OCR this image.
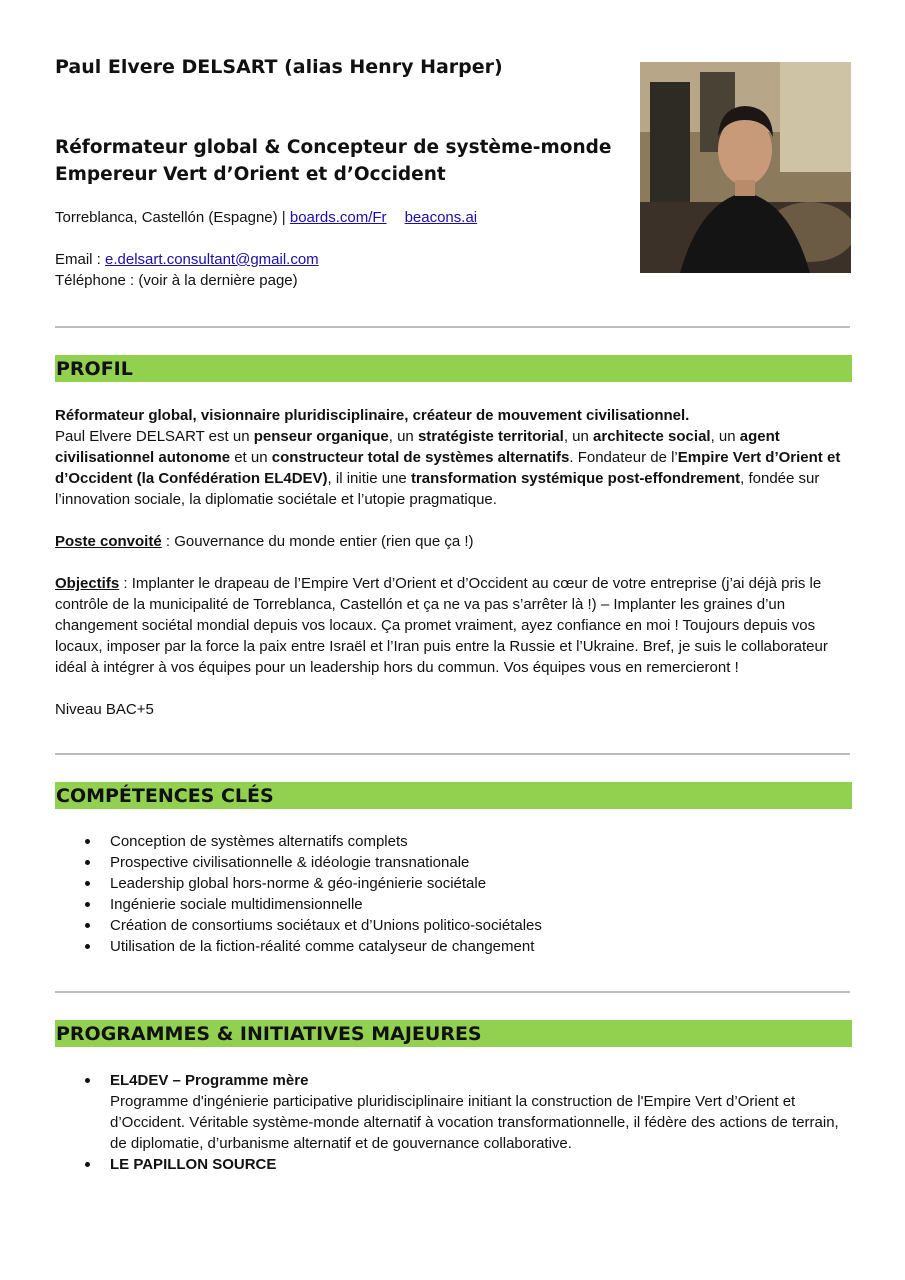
Paul Elvere DELSART (alias Henry Harper)
Réformateur global & Concepteur de système-monde
Empereur Vert d’Orient et d’Occident
Torreblanca, Castellón (Espagne) | boards.com/Fr beacons.ai
Email : e.delsart.consultant@gmail.com
Téléphone : (voir à la dernière page)
PROFIL

Réformateur global, visionnaire pluridisciplinaire, créateur de mouvement civilisationnel.

Paul Elvere DELSART est un penseur organique, un stratégiste territorial, un architecte social, un agent civilisationnel autonome et un constructeur total de systèmes alternatifs. Fondateur de l’Empire Vert d’Orient et d’Occident (la Confédération EL4DEV), il initie une transformation systémique post-effondrement, fondée sur l’innovation sociale, la diplomatie sociétale et l’utopie pragmatique.

Poste convoité : Gouvernance du monde entier (rien que ça !)

Objectifs : Implanter le drapeau de l’Empire Vert d’Orient et d’Occident au cœur de votre entreprise (j’ai déjà pris le contrôle de la municipalité de Torreblanca, Castellón et ça ne va pas s’arrêter là !) – Implanter les graines d’un changement sociétal mondial depuis vos locaux. Ça promet vraiment, ayez confiance en moi ! Toujours depuis vos locaux, imposer par la force la paix entre Israël et l’Iran puis entre la Russie et l’Ukraine. Bref, je suis le collaborateur idéal à intégrer à vos équipes pour un leadership hors du commun. Vos équipes vous en remercieront !

Niveau BAC+5

COMPÉTENCES CLÉS
Conception de systèmes alternatifs complets
Prospective civilisationnelle & idéologie transnationale
Leadership global hors-norme & géo-ingénierie sociétale
Ingénierie sociale multidimensionnelle
Création de consortiums sociétaux et d’Unions politico-sociétales
Utilisation de la fiction-réalité comme catalyseur de changement
PROGRAMMES & INITIATIVES MAJEURES
EL4DEV – Programme mère
Programme d'ingénierie participative pluridisciplinaire initiant la construction de l'Empire Vert d’Orient et d’Occident. Véritable système-monde alternatif à vocation transformationnelle, il fédère des actions de terrain, de diplomatie, d’urbanisme alternatif et de gouvernance collaborative.
LE PAPILLON SOURCE
